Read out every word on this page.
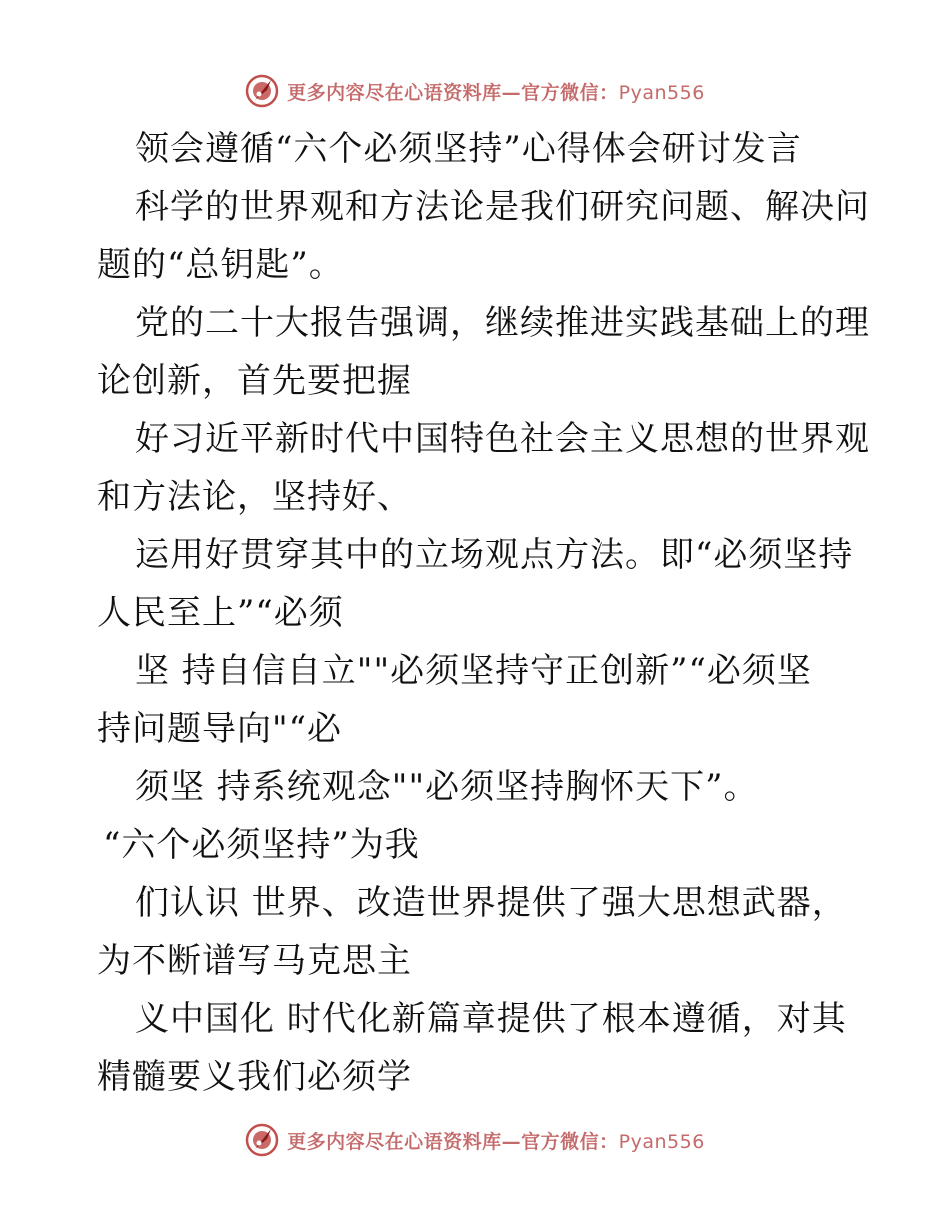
更多内容尽在心语资料库—官方微信：Pyan556
领会遵循“六个必须坚持”心得体会研讨发言
科学的世界观和方法论是我们研究问题、解决问
题的“总钥匙”。
党的二十大报告强调，继续推进实践基础上的理
论创新，首先要把握
好习近平新时代中国特色社会主义思想的世界观
和方法论，坚持好、
运用好贯穿其中的立场观点方法。即“必须坚持
人民至上”“必须
坚 持自信自立""必须坚持守正创新”“必须坚
持问题导向"“必
须坚 持系统观念""必须坚持胸怀天下”。
“六个必须坚持”为我
们认识 世界、改造世界提供了强大思想武器，
为不断谱写马克思主
义中国化 时代化新篇章提供了根本遵循，对其
精髓要义我们必须学
更多内容尽在心语资料库—官方微信：Pyan556
